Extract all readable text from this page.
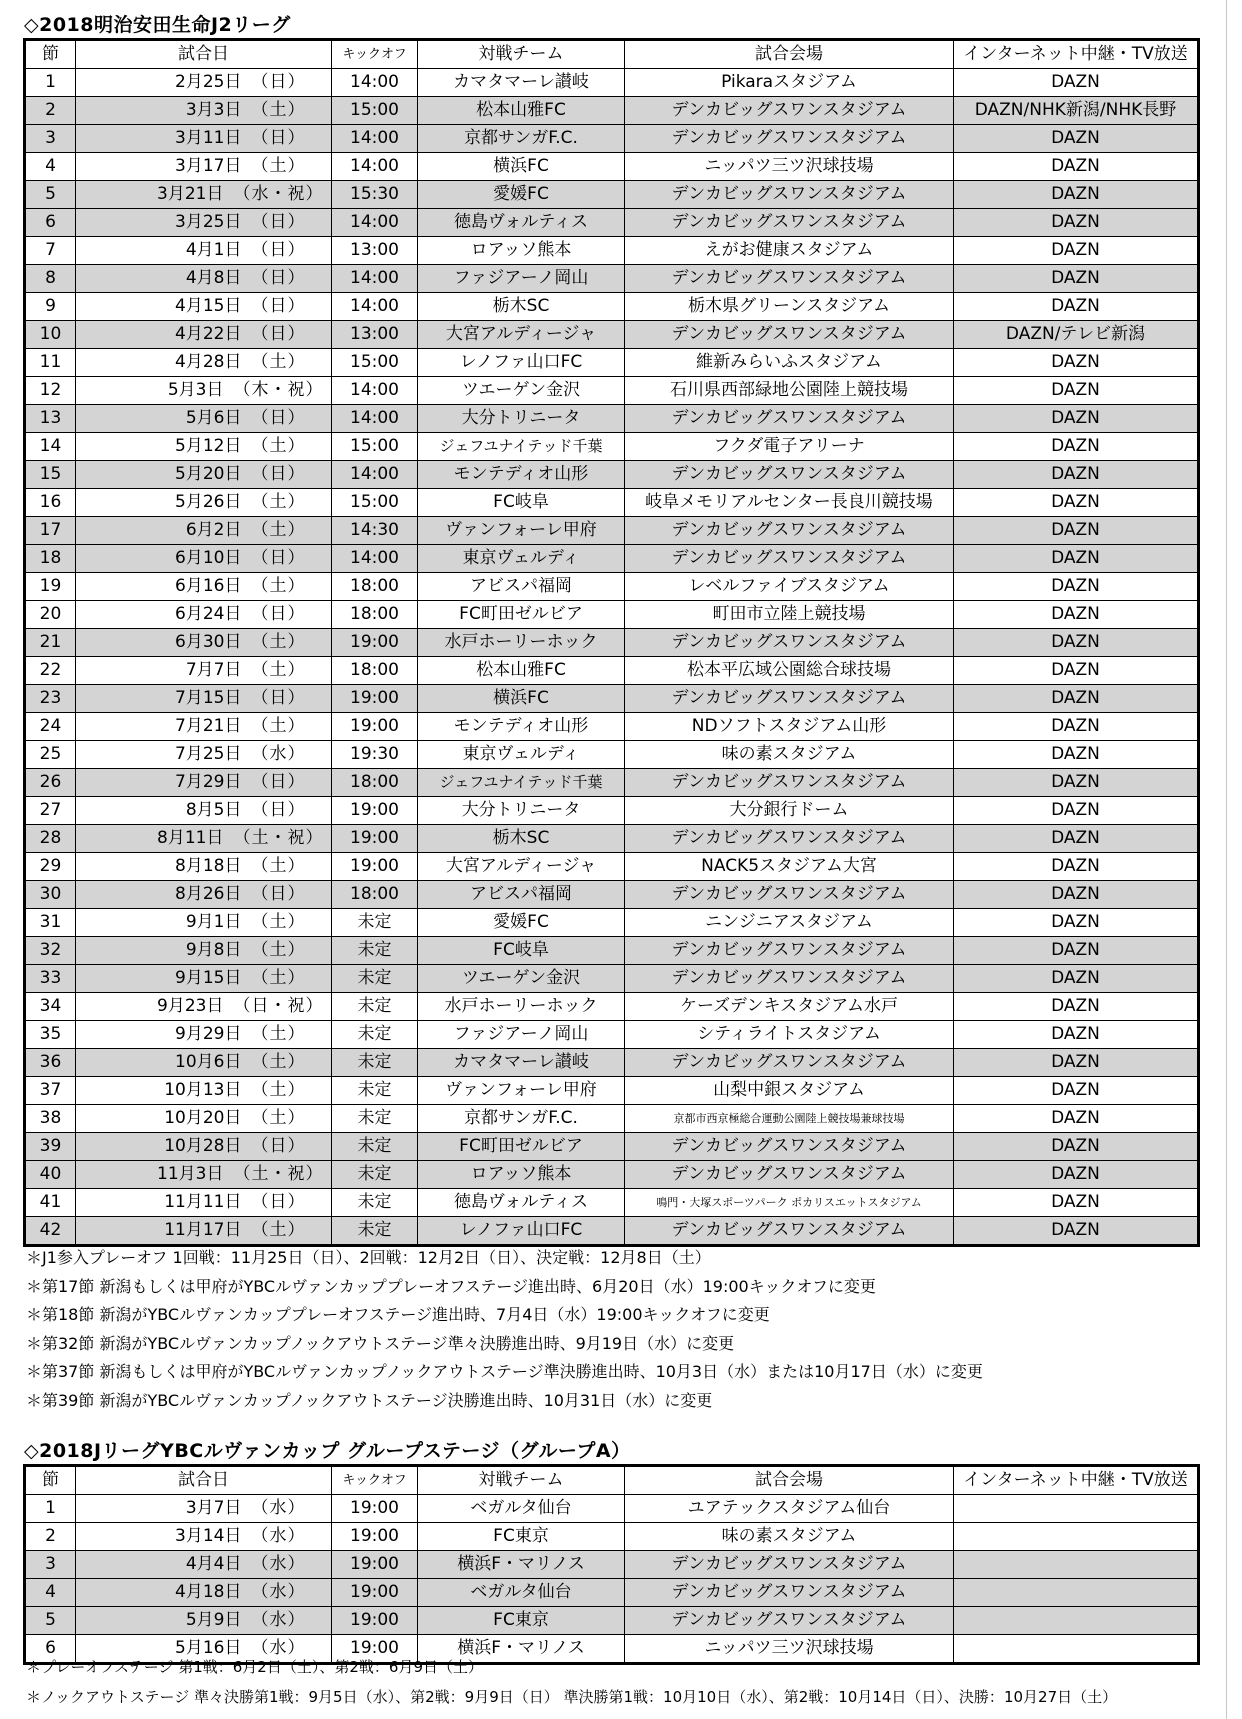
◇2018明治安田生命J2リーグ
節	試合日	キックオフ	対戦チーム	試合会場	インターネット中継・TV放送
1	2月25日 （日）	14:00	カマタマーレ讃岐	Pikaraスタジアム	DAZN
2	3月3日 （土）	15:00	松本山雅FC	デンカビッグスワンスタジアム	DAZN/NHK新潟/NHK長野
3	3月11日 （日）	14:00	京都サンガF.C.	デンカビッグスワンスタジアム	DAZN
4	3月17日 （土）	14:00	横浜FC	ニッパツ三ツ沢球技場	DAZN
5	3月21日 （水・祝）	15:30	愛媛FC	デンカビッグスワンスタジアム	DAZN
6	3月25日 （日）	14:00	徳島ヴォルティス	デンカビッグスワンスタジアム	DAZN
7	4月1日 （日）	13:00	ロアッソ熊本	えがお健康スタジアム	DAZN
8	4月8日 （日）	14:00	ファジアーノ岡山	デンカビッグスワンスタジアム	DAZN
9	4月15日 （日）	14:00	栃木SC	栃木県グリーンスタジアム	DAZN
10	4月22日 （日）	13:00	大宮アルディージャ	デンカビッグスワンスタジアム	DAZN/テレビ新潟
11	4月28日 （土）	15:00	レノファ山口FC	維新みらいふスタジアム	DAZN
12	5月3日 （木・祝）	14:00	ツエーゲン金沢	石川県西部緑地公園陸上競技場	DAZN
13	5月6日 （日）	14:00	大分トリニータ	デンカビッグスワンスタジアム	DAZN
14	5月12日 （土）	15:00	ジェフユナイテッド千葉	フクダ電子アリーナ	DAZN
15	5月20日 （日）	14:00	モンテディオ山形	デンカビッグスワンスタジアム	DAZN
16	5月26日 （土）	15:00	FC岐阜	岐阜メモリアルセンター長良川競技場	DAZN
17	6月2日 （土）	14:30	ヴァンフォーレ甲府	デンカビッグスワンスタジアム	DAZN
18	6月10日 （日）	14:00	東京ヴェルディ	デンカビッグスワンスタジアム	DAZN
19	6月16日 （土）	18:00	アビスパ福岡	レベルファイブスタジアム	DAZN
20	6月24日 （日）	18:00	FC町田ゼルビア	町田市立陸上競技場	DAZN
21	6月30日 （土）	19:00	水戸ホーリーホック	デンカビッグスワンスタジアム	DAZN
22	7月7日 （土）	18:00	松本山雅FC	松本平広域公園総合球技場	DAZN
23	7月15日 （日）	19:00	横浜FC	デンカビッグスワンスタジアム	DAZN
24	7月21日 （土）	19:00	モンテディオ山形	NDソフトスタジアム山形	DAZN
25	7月25日 （水）	19:30	東京ヴェルディ	味の素スタジアム	DAZN
26	7月29日 （日）	18:00	ジェフユナイテッド千葉	デンカビッグスワンスタジアム	DAZN
27	8月5日 （日）	19:00	大分トリニータ	大分銀行ドーム	DAZN
28	8月11日 （土・祝）	19:00	栃木SC	デンカビッグスワンスタジアム	DAZN
29	8月18日 （土）	19:00	大宮アルディージャ	NACK5スタジアム大宮	DAZN
30	8月26日 （日）	18:00	アビスパ福岡	デンカビッグスワンスタジアム	DAZN
31	9月1日 （土）	未定	愛媛FC	ニンジニアスタジアム	DAZN
32	9月8日 （土）	未定	FC岐阜	デンカビッグスワンスタジアム	DAZN
33	9月15日 （土）	未定	ツエーゲン金沢	デンカビッグスワンスタジアム	DAZN
34	9月23日 （日・祝）	未定	水戸ホーリーホック	ケーズデンキスタジアム水戸	DAZN
35	9月29日 （土）	未定	ファジアーノ岡山	シティライトスタジアム	DAZN
36	10月6日 （土）	未定	カマタマーレ讃岐	デンカビッグスワンスタジアム	DAZN
37	10月13日 （土）	未定	ヴァンフォーレ甲府	山梨中銀スタジアム	DAZN
38	10月20日 （土）	未定	京都サンガF.C.	京都市西京極総合運動公園陸上競技場兼球技場	DAZN
39	10月28日 （日）	未定	FC町田ゼルビア	デンカビッグスワンスタジアム	DAZN
40	11月3日 （土・祝）	未定	ロアッソ熊本	デンカビッグスワンスタジアム	DAZN
41	11月11日 （日）	未定	徳島ヴォルティス	鳴門・大塚スポーツパーク ポカリスエットスタジアム	DAZN
42	11月17日 （土）	未定	レノファ山口FC	デンカビッグスワンスタジアム	DAZN
＊J1参入プレーオフ 1回戦：11月25日（日）、2回戦：12月2日（日）、決定戦：12月8日（土）
＊第17節 新潟もしくは甲府がYBCルヴァンカッププレーオフステージ進出時、6月20日（水）19:00キックオフに変更
＊第18節 新潟がYBCルヴァンカッププレーオフステージ進出時、7月4日（水）19:00キックオフに変更
＊第32節 新潟がYBCルヴァンカップノックアウトステージ準々決勝進出時、9月19日（水）に変更
＊第37節 新潟もしくは甲府がYBCルヴァンカップノックアウトステージ準決勝進出時、10月3日（水）または10月17日（水）に変更
＊第39節 新潟がYBCルヴァンカップノックアウトステージ決勝進出時、10月31日（水）に変更
◇2018JリーグYBCルヴァンカップ グループステージ（グループA）
節	試合日	キックオフ	対戦チーム	試合会場	インターネット中継・TV放送
1	3月7日 （水）	19:00	ベガルタ仙台	ユアテックスタジアム仙台	
2	3月14日 （水）	19:00	FC東京	味の素スタジアム	
3	4月4日 （水）	19:00	横浜F・マリノス	デンカビッグスワンスタジアム	
4	4月18日 （水）	19:00	ベガルタ仙台	デンカビッグスワンスタジアム	
5	5月9日 （水）	19:00	FC東京	デンカビッグスワンスタジアム	
6	5月16日 （水）	19:00	横浜F・マリノス	ニッパツ三ツ沢球技場	
＊プレーオフステージ 第1戦：6月2日（土）、第2戦：6月9日（土）
＊ノックアウトステージ 準々決勝第1戦：9月5日（水）、第2戦：9月9日（日） 準決勝第1戦：10月10日（水）、第2戦：10月14日（日）、決勝：10月27日（土）
